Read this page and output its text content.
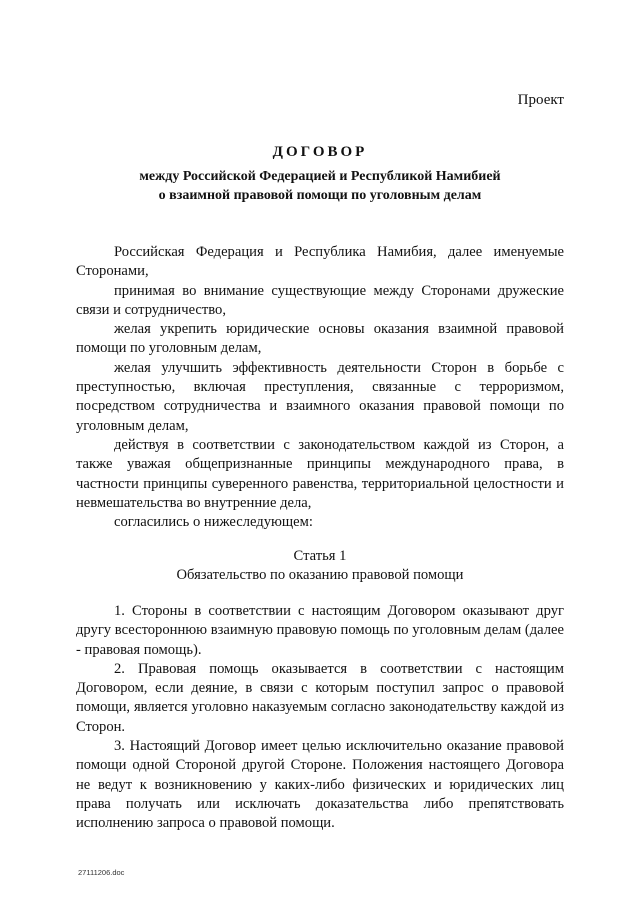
Проект
ДОГОВОР
между Российской Федерацией и Республикой Намибией
о взаимной правовой помощи по уголовным делам

Российская Федерация и Республика Намибия, далее именуемые Сторонами,

принимая во внимание существующие между Сторонами дружеские связи и сотрудничество,

желая укрепить юридические основы оказания взаимной правовой помощи по уголовным делам,

желая улучшить эффективность деятельности Сторон в борьбе с преступностью, включая преступления, связанные с терроризмом, посредством сотрудничества и взаимного оказания правовой помощи по уголовным делам,

действуя в соответствии с законодательством каждой из Сторон, а также уважая общепризнанные принципы международного права, в частности принципы суверенного равенства, территориальной целостности и невмешательства во внутренние дела,

согласились о нижеследующем:

Статья 1
Обязательство по оказанию правовой помощи

1. Стороны в соответствии с настоящим Договором оказывают друг другу всестороннюю взаимную правовую помощь по уголовным делам (далее - правовая помощь).

2. Правовая помощь оказывается в соответствии с настоящим Договором, если деяние, в связи с которым поступил запрос о правовой помощи, является уголовно наказуемым согласно законодательству каждой из Сторон.

3. Настоящий Договор имеет целью исключительно оказание правовой помощи одной Стороной другой Стороне. Положения настоящего Договора не ведут к возникновению у каких-либо физических и юридических лиц права получать или исключать доказательства либо препятствовать исполнению запроса о правовой помощи.

27111206.doc
